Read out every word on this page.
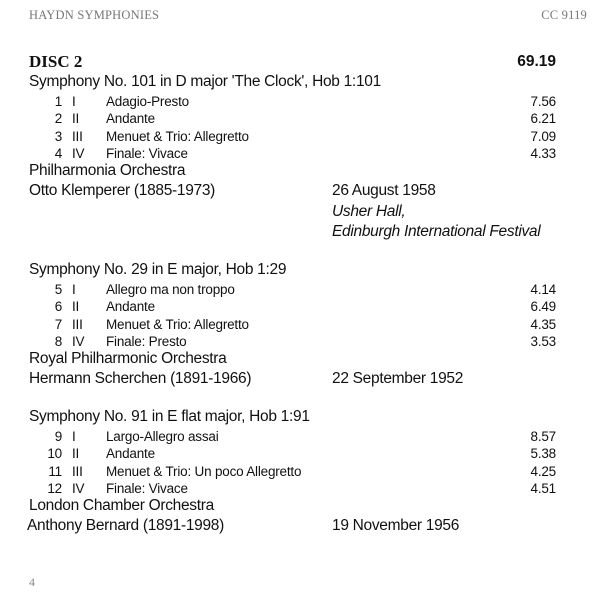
HAYDN SYMPHONIES	CC 9119
DISC 2	69.19
Symphony No. 101 in D major 'The Clock', Hob 1:101
1 I Adagio-Presto	7.56
2 II Andante	6.21
3 III Menuet & Trio: Allegretto	7.09
4 IV Finale: Vivace	4.33
Philharmonia Orchestra
Otto Klemperer (1885-1973)	26 August 1958
Usher Hall,
Edinburgh International Festival
Symphony No. 29 in E major, Hob 1:29
5 I Allegro ma non troppo	4.14
6 II Andante	6.49
7 III Menuet & Trio: Allegretto	4.35
8 IV Finale: Presto	3.53
Royal Philharmonic Orchestra
Hermann Scherchen (1891-1966)	22 September 1952
Symphony No. 91 in E flat major, Hob 1:91
9 I Largo-Allegro assai	8.57
10 II Andante	5.38
11 III Menuet & Trio: Un poco Allegretto	4.25
12 IV Finale: Vivace	4.51
London Chamber Orchestra
Anthony Bernard (1891-1998)	19 November 1956
4
